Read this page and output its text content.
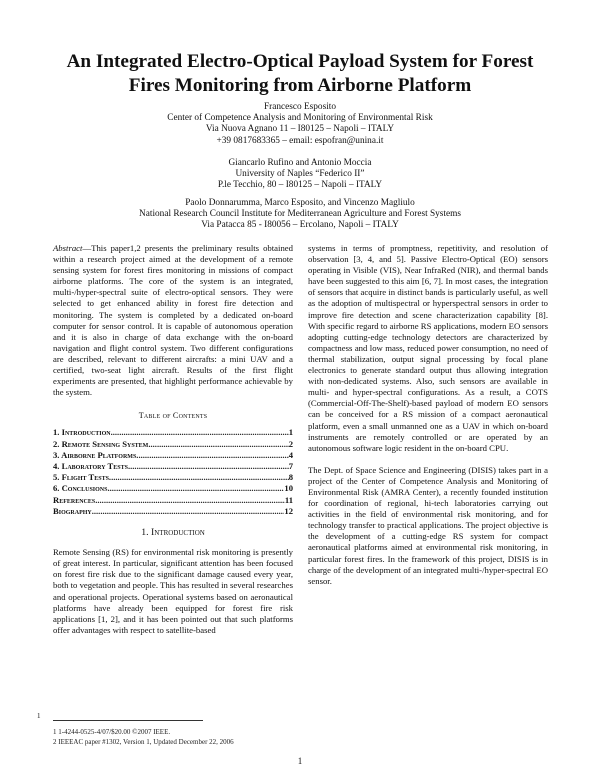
An Integrated Electro-Optical Payload System for Forest
Fires Monitoring from Airborne Platform
Francesco Esposito
Center of Competence Analysis and Monitoring of Environmental Risk
Via Nuova Agnano 11 – I80125 – Napoli – ITALY
+39 0817683365 – email: espofran@unina.it
Giancarlo Rufino and Antonio Moccia
University of Naples “Federico II”
P.le Tecchio, 80 – I80125 – Napoli – ITALY
Paolo Donnarumma, Marco Esposito, and Vincenzo Magliulo
National Research Council Institute for Mediterranean Agriculture and Forest Systems
Via Patacca 85 - I80056 – Ercolano, Napoli – ITALY

Abstract—This paper1,2 presents the preliminary results obtained within a research project aimed at the development of a remote sensing system for forest fires monitoring in missions of compact airborne platforms. The core of the system is an integrated, multi-/hyper-spectral suite of electro-optical sensors. They were selected to get enhanced ability in forest fire detection and monitoring. The system is completed by a dedicated on-board computer for sensor control. It is capable of autonomous operation and it is also in charge of data exchange with the on-board navigation and flight control system. Two different configurations are described, relevant to different aircrafts: a mini UAV and a certified, two-seat light aircraft. Results of the first flight experiments are presented, that highlight performance achievable by the system.

Table of Contents
1. Introduction .....	1
2. Remote Sensing System .....	2
3. Airborne Platforms .....	4
4. Laboratory Tests .....	7
5. Flight Tests .....	8
6. Conclusions .....	10
References .....	11
Biography .....	12
1. Introduction

Remote Sensing (RS) for environmental risk monitoring is presently of great interest. In particular, significant attention has been focused on forest fire risk due to the significant damage caused every year, both to vegetation and people. This has resulted in several researches and operational projects. Operational systems based on aeronautical platforms have already been equipped for forest fire risk applications [1, 2], and it has been pointed out that such platforms offer advantages with respect to satellite-based

systems in terms of promptness, repetitivity, and resolution of observation [3, 4, and 5]. Passive Electro-Optical (EO) sensors operating in Visible (VIS), Near InfraRed (NIR), and thermal bands have been suggested to this aim [6, 7]. In most cases, the integration of sensors that acquire in distinct bands is particularly useful, as well as the adoption of multispectral or hyperspectral sensors in order to improve fire detection and scene characterization capability [8]. With specific regard to airborne RS applications, modern EO sensors adopting cutting-edge technology detectors are characterized by compactness and low mass, reduced power consumption, no need of thermal stabilization, output signal processing by focal plane electronics to generate standard output thus allowing integration with non-dedicated systems. Also, such sensors are available in multi- and hyper-spectral configurations. As a result, a COTS (Commercial-Off-The-Shelf)-based payload of modern EO sensors can be conceived for a RS mission of a compact aeronautical platform, even a small unmanned one as a UAV in which on-board instruments are remotely controlled or are operated by an autonomous software logic resident in the on-board CPU.

The Dept. of Space Science and Engineering (DISIS) takes part in a project of the Center of Competence Analysis and Monitoring of Environmental Risk (AMRA Center), a recently founded institution for coordination of regional, hi-tech laboratories carrying out activities in the field of environmental risk monitoring, and for technology transfer to practical applications. The project objective is the development of a cutting-edge RS system for compact aeronautical platforms aimed at environmental risk monitoring, in particular forest fires. In the framework of this project, DISIS is in charge of the development of an integrated multi-/hyper-spectral EO sensor.

1
1 1-4244-0525-4/07/$20.00 ©2007 IEEE.
2 IEEEAC paper #1302, Version 1, Updated December 22, 2006
1
